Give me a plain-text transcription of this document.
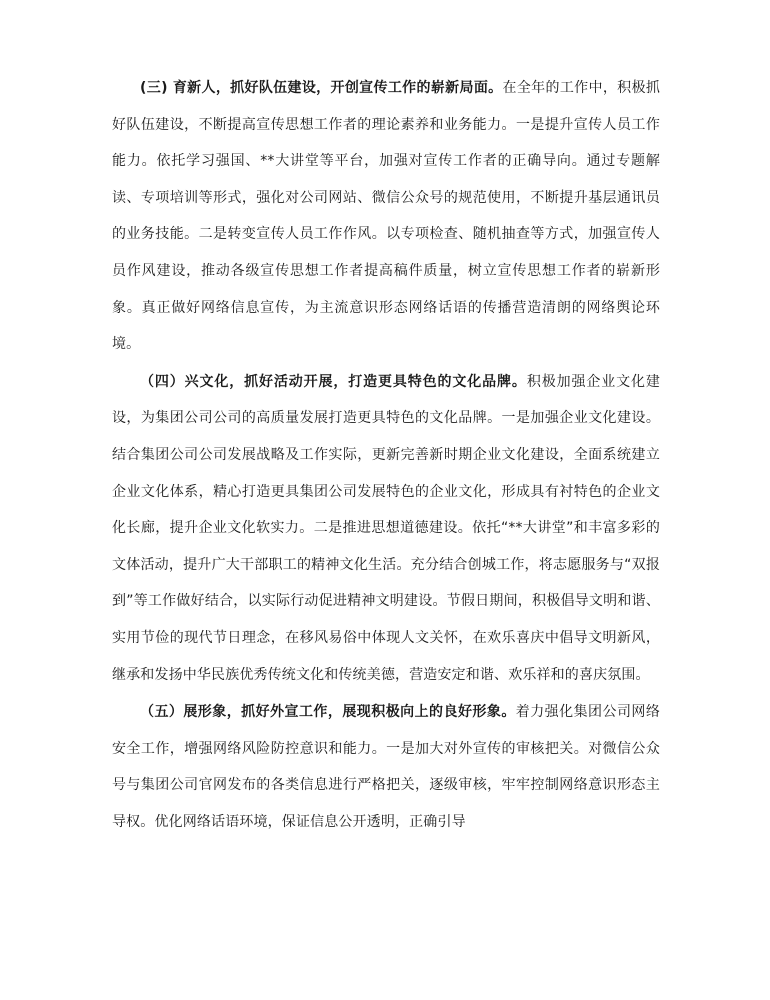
(三) 育新人，抓好队伍建设，开创宣传工作的崭新局面。在全年的工作中，积极抓好队伍建设，不断提高宣传思想工作者的理论素养和业务能力。一是提升宣传人员工作能力。依托学习强国、**大讲堂等平台，加强对宣传工作者的正确导向。通过专题解读、专项培训等形式，强化对公司网站、微信公众号的规范使用，不断提升基层通讯员的业务技能。二是转变宣传人员工作作风。以专项检查、随机抽查等方式，加强宣传人员作风建设，推动各级宣传思想工作者提高稿件质量，树立宣传思想工作者的崭新形象。真正做好网络信息宣传，为主流意识形态网络话语的传播营造清朗的网络舆论环境。

（四）兴文化，抓好活动开展，打造更具特色的文化品牌。积极加强企业文化建设，为集团公司公司的高质量发展打造更具特色的文化品牌。一是加强企业文化建设。结合集团公司公司发展战略及工作实际，更新完善新时期企业文化建设，全面系统建立企业文化体系，精心打造更具集团公司发展特色的企业文化，形成具有衬特色的企业文化长廊，提升企业文化软实力。二是推进思想道德建设。依托“**大讲堂”和丰富多彩的文体活动，提升广大干部职工的精神文化生活。充分结合创城工作，将志愿服务与“双报到”等工作做好结合，以实际行动促进精神文明建设。节假日期间，积极倡导文明和谐、实用节俭的现代节日理念，在移风易俗中体现人文关怀，在欢乐喜庆中倡导文明新风，继承和发扬中华民族优秀传统文化和传统美德，营造安定和谐、欢乐祥和的喜庆氛围。

（五）展形象，抓好外宣工作，展现积极向上的良好形象。着力强化集团公司网络安全工作，增强网络风险防控意识和能力。一是加大对外宣传的审核把关。对微信公众号与集团公司官网发布的各类信息进行严格把关，逐级审核，牢牢控制网络意识形态主导权。优化网络话语环境，保证信息公开透明，正确引导
